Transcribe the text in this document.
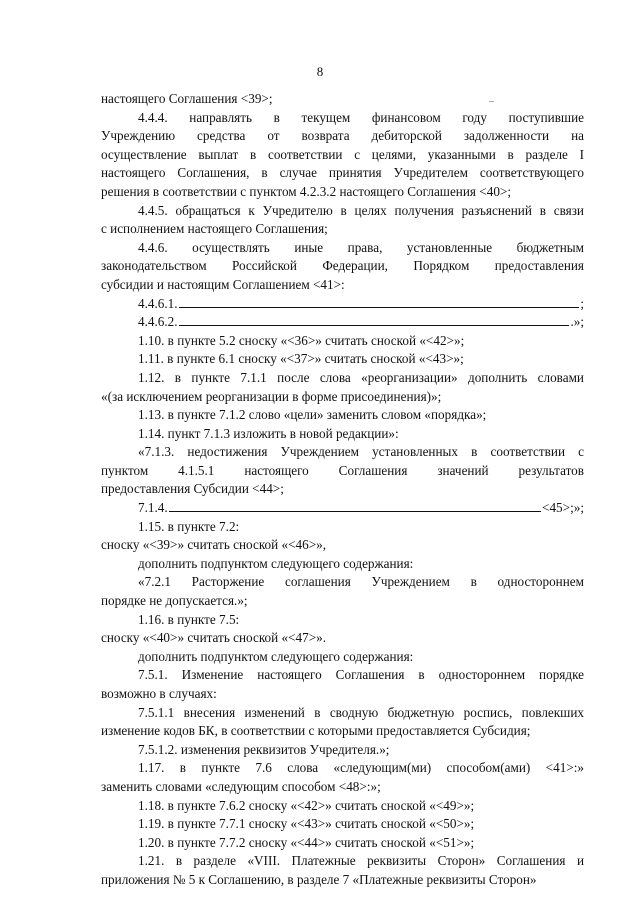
8
настоящего Соглашения <39>;
4.4.4. направлять в текущем финансовом году поступившие
Учреждению средства от возврата дебиторской задолженности на
осуществление выплат в соответствии с целями, указанными в разделе I
настоящего Соглашения, в случае принятия Учредителем соответствующего
решения в соответствии с пунктом 4.2.3.2 настоящего Соглашения <40>;
4.4.5. обращаться к Учредителю в целях получения разъяснений в связи
с исполнением настоящего Соглашения;
4.4.6. осуществлять иные права, установленные бюджетным
законодательством Российской Федерации, Порядком предоставления
субсидии и настоящим Соглашением <41>:
4.4.6.1.	;
4.4.6.2.	.»;
1.10. в пункте 5.2 сноску «<36>» считать сноской «<42>»;
1.11. в пункте 6.1 сноску «<37>» считать сноской «<43>»;
1.12. в пункте 7.1.1 после слова «реорганизации» дополнить словами
«(за исключением реорганизации в форме присоединения)»;
1.13. в пункте 7.1.2 слово «цели» заменить словом «порядка»;
1.14. пункт 7.1.3 изложить в новой редакции»:
«7.1.3. недостижения Учреждением установленных в соответствии с
пунктом 4.1.5.1 настоящего Соглашения значений результатов
предоставления Субсидии <44>;
7.1.4.	<45>;»;
1.15. в пункте 7.2:
сноску «<39>» считать сноской «<46>»,
дополнить подпунктом следующего содержания:
«7.2.1 Расторжение соглашения Учреждением в одностороннем
порядке не допускается.»;
1.16. в пункте 7.5:
сноску «<40>» считать сноской «<47>».
дополнить подпунктом следующего содержания:
7.5.1. Изменение настоящего Соглашения в одностороннем порядке
возможно в случаях:
7.5.1.1 внесения изменений в сводную бюджетную роспись, повлекших
изменение кодов БК, в соответствии с которыми предоставляется Субсидия;
7.5.1.2. изменения реквизитов Учредителя.»;
1.17. в пункте 7.6 слова «следующим(ми) способом(ами) <41>:»
заменить словами «следующим способом <48>:»;
1.18. в пункте 7.6.2 сноску «<42>» считать сноской «<49>»;
1.19. в пункте 7.7.1 сноску «<43>» считать сноской «<50>»;
1.20. в пункте 7.7.2 сноску «<44>» считать сноской «<51>»;
1.21. в разделе «VIII. Платежные реквизиты Сторон» Соглашения и
приложения № 5 к Соглашению, в разделе 7 «Платежные реквизиты Сторон»
